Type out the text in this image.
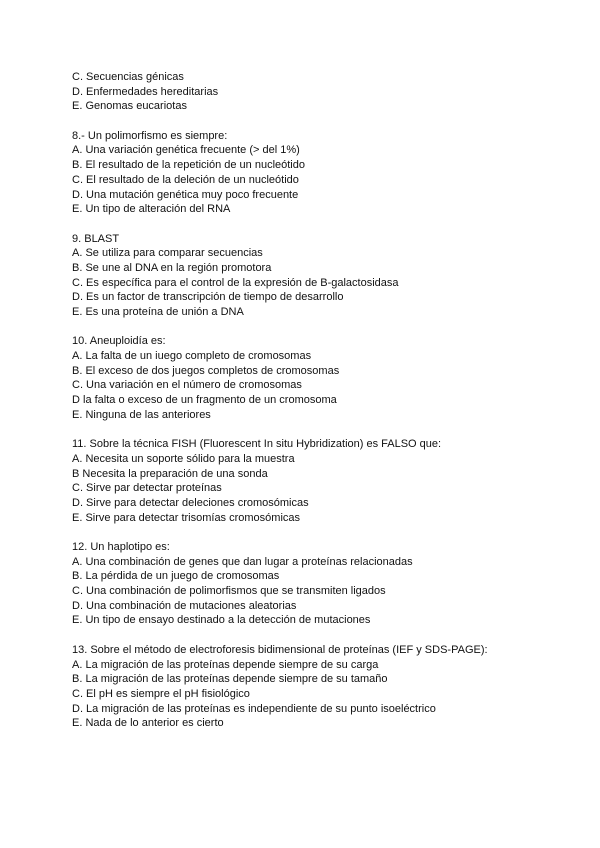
C. Secuencias génicas
D. Enfermedades hereditarias
E. Genomas eucariotas
8.- Un polimorfismo es siempre:
A. Una variación genética frecuente (> del 1%)
B. El resultado de la repetición de un nucleótido
C. El resultado de la deleción de un nucleótido
D. Una mutación genética muy poco frecuente
E. Un tipo de alteración del RNA
9. BLAST
A. Se utiliza para comparar secuencias
B. Se une al DNA en la región promotora
C. Es específica para el control de la expresión de B-galactosidasa
D. Es un factor de transcripción de tiempo de desarrollo
E. Es una proteína de unión a DNA
10. Aneuploidía es:
A. La falta de un iuego completo de cromosomas
B. El exceso de dos juegos completos de cromosomas
C. Una variación en el número de cromosomas
D la falta o exceso de un fragmento de un cromosoma
E. Ninguna de las anteriores
11. Sobre la técnica FISH (Fluorescent In situ Hybridization) es FALSO que:
A. Necesita un soporte sólido para la muestra
B Necesita la preparación de una sonda
C. Sirve par detectar proteínas
D. Sirve para detectar deleciones cromosómicas
E. Sirve para detectar trisomías cromosómicas
12. Un haplotipo es:
A. Una combinación de genes que dan lugar a proteínas relacionadas
B. La pérdida de un juego de cromosomas
C. Una combinación de polimorfismos que se transmiten ligados
D. Una combinación de mutaciones aleatorias
E. Un tipo de ensayo destinado a la detección de mutaciones
13. Sobre el método de electroforesis bidimensional de proteínas (IEF y SDS-PAGE):
A. La migración de las proteínas depende siempre de su carga
B. La migración de las proteínas depende siempre de su tamaño
C. El pH es siempre el pH fisiológico
D. La migración de las proteínas es independiente de su punto isoeléctrico
E. Nada de lo anterior es cierto
